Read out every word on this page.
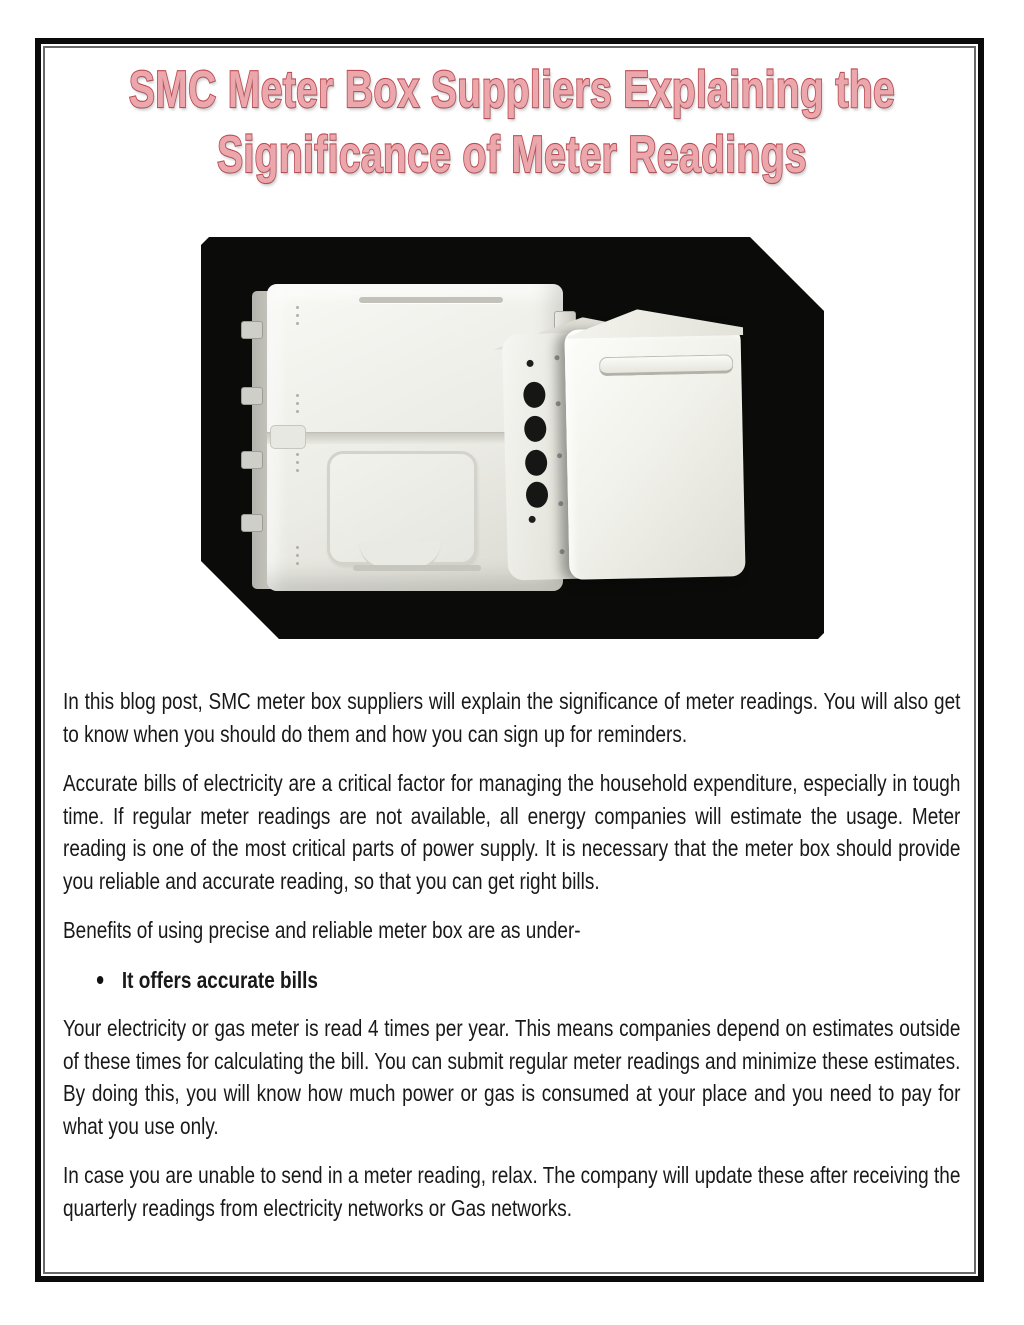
SMC Meter Box Suppliers Explaining the
Significance of Meter Readings

In this blog post, SMC meter box suppliers will explain the significance of meter readings. You will also get to know when you should do them and how you can sign up for reminders.

Accurate bills of electricity are a critical factor for managing the household expenditure, especially in tough time. If regular meter readings are not available, all energy companies will estimate the usage. Meter reading is one of the most critical parts of power supply. It is necessary that the meter box should provide you reliable and accurate reading, so that you can get right bills.

Benefits of using precise and reliable meter box are as under-

It offers accurate bills

Your electricity or gas meter is read 4 times per year. This means companies depend on estimates outside of these times for calculating the bill. You can submit regular meter readings and minimize these estimates. By doing this, you will know how much power or gas is consumed at your place and you need to pay for what you use only.

In case you are unable to send in a meter reading, relax. The company will update these after receiving the quarterly readings from electricity networks or Gas networks.
